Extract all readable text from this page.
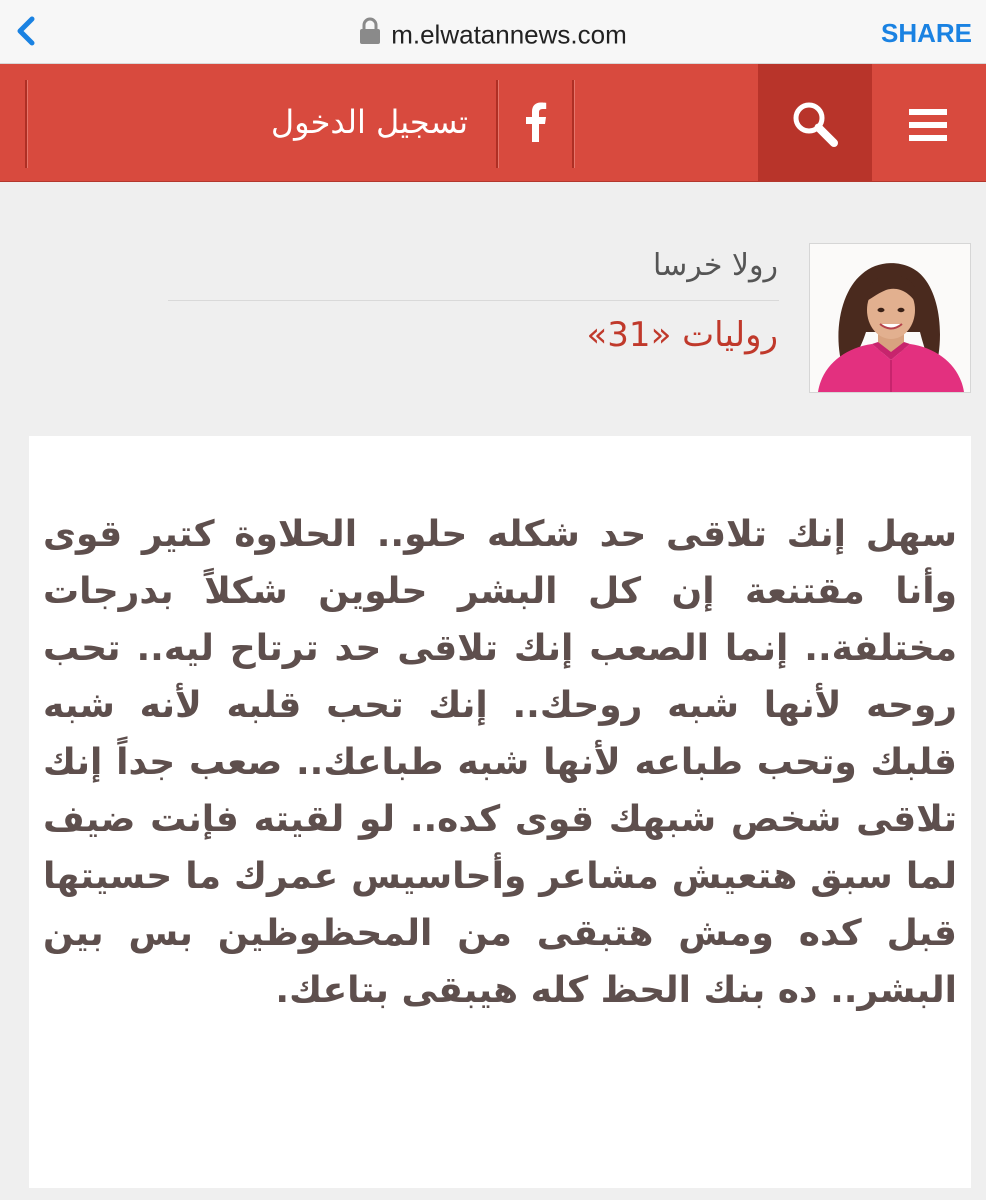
m.elwatannews.com	SHARE
تسجيل الدخول
رولا خرسا
روليات «31»
سهل إنك تلاقى حد شكله حلو.. الحلاوة كتير قوى وأنا مقتنعة إن كل البشر حلوين شكلاً بدرجات مختلفة.. إنما الصعب إنك تلاقى حد ترتاح ليه.. تحب روحه لأنها شبه روحك.. إنك تحب قلبه لأنه شبه قلبك وتحب طباعه لأنها شبه طباعك.. صعب جداً إنك تلاقى شخص شبهك قوى كده.. لو لقيته فإنت ضيف لما سبق هتعيش مشاعر وأحاسيس عمرك ما حسيتها قبل كده ومش هتبقى من المحظوظين بس بين البشر.. ده بنك الحظ كله هيبقى بتاعك.
